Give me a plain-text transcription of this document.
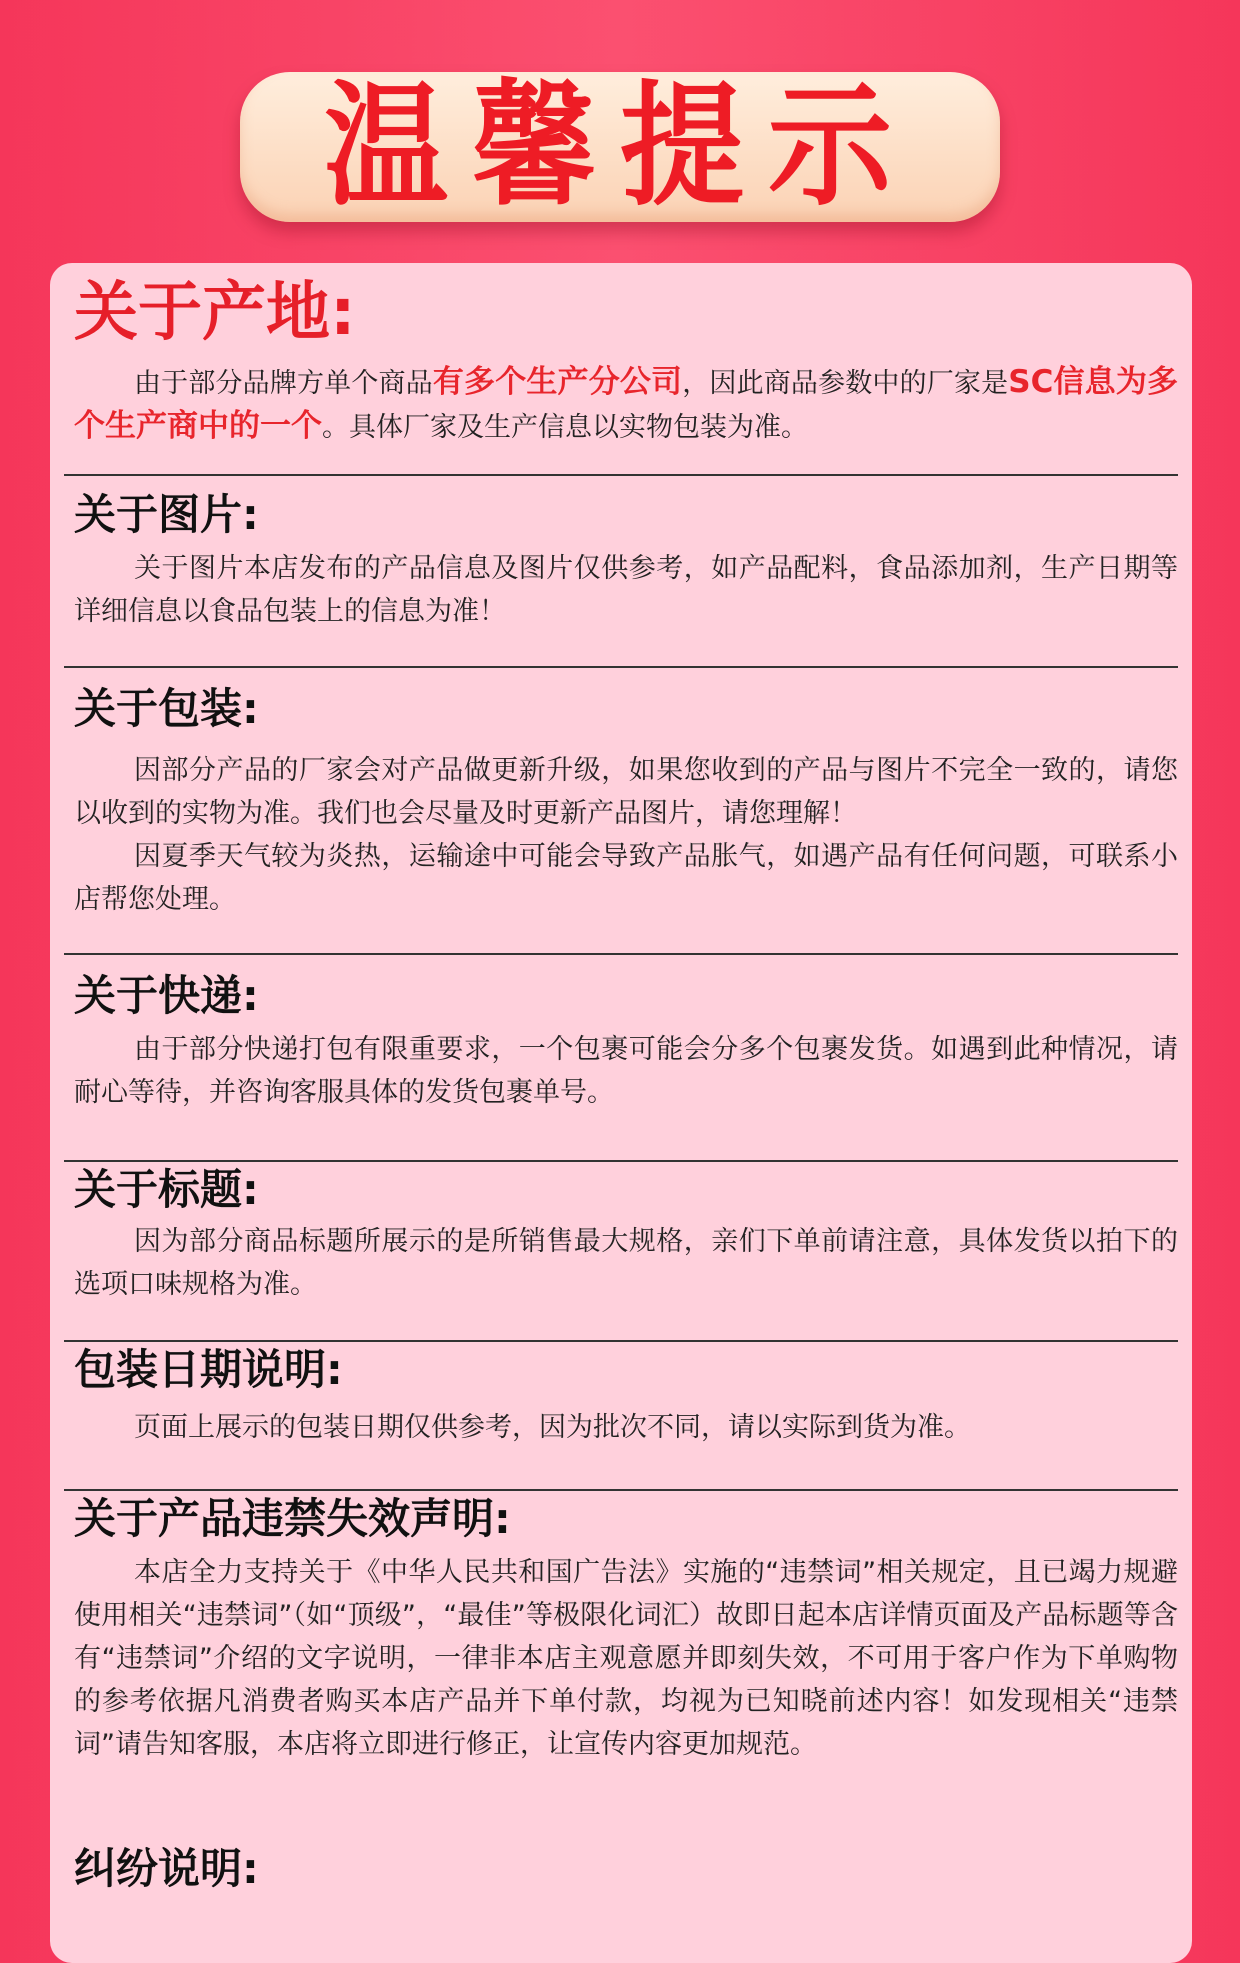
温馨提示
关于产地:

由于部分品牌方单个商品有多个生产分公司，因此商品参数中的厂家是SC信息为多个生产商中的一个。具体厂家及生产信息以实物包装为准。

关于图片:

关于图片本店发布的产品信息及图片仅供参考，如产品配料，食品添加剂，生产日期等详细信息以食品包装上的信息为准！

关于包装:

因部分产品的厂家会对产品做更新升级，如果您收到的产品与图片不完全一致的，请您以收到的实物为准。我们也会尽量及时更新产品图片，请您理解！

因夏季天气较为炎热，运输途中可能会导致产品胀气，如遇产品有任何问题，可联系小店帮您处理。

关于快递:

由于部分快递打包有限重要求，一个包裹可能会分多个包裹发货。如遇到此种情况，请耐心等待，并咨询客服具体的发货包裹单号。

关于标题:

因为部分商品标题所展示的是所销售最大规格，亲们下单前请注意，具体发货以拍下的选项口味规格为准。

包装日期说明:

页面上展示的包装日期仅供参考，因为批次不同，请以实际到货为准。

关于产品违禁失效声明:

本店全力支持关于《中华人民共和国广告法》实施的“违禁词”相关规定，且已竭力规避使用相关“违禁词”（如“顶级”，“最佳”等极限化词汇）故即日起本店详情页面及产品标题等含有“违禁词”介绍的文字说明，一律非本店主观意愿并即刻失效，不可用于客户作为下单购物的参考依据凡消费者购买本店产品并下单付款，均视为已知晓前述内容！如发现相关“违禁词”请告知客服，本店将立即进行修正，让宣传内容更加规范。

纠纷说明:
